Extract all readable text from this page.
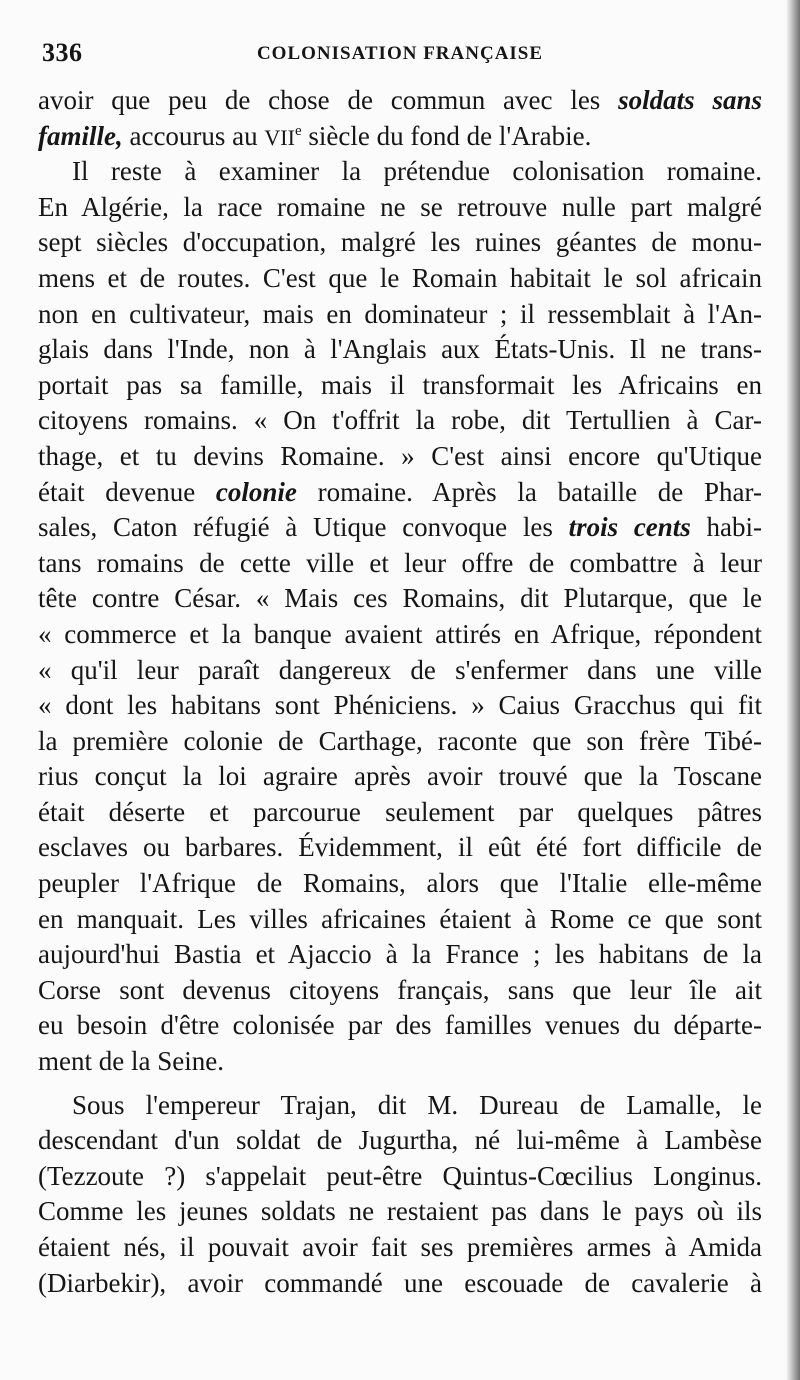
336	COLONISATION FRANÇAISE
avoir que peu de chose de commun avec les soldats sans
famille, accourus au VIIe siècle du fond de l'Arabie.
Il reste à examiner la prétendue colonisation romaine.
En Algérie, la race romaine ne se retrouve nulle part malgré
sept siècles d'occupation, malgré les ruines géantes de monu-
mens et de routes. C'est que le Romain habitait le sol africain
non en cultivateur, mais en dominateur ; il ressemblait à l'An-
glais dans l'Inde, non à l'Anglais aux États-Unis. Il ne trans-
portait pas sa famille, mais il transformait les Africains en
citoyens romains. « On t'offrit la robe, dit Tertullien à Car-
thage, et tu devins Romaine. » C'est ainsi encore qu'Utique
était devenue colonie romaine. Après la bataille de Phar-
sales, Caton réfugié à Utique convoque les trois cents habi-
tans romains de cette ville et leur offre de combattre à leur
tête contre César. « Mais ces Romains, dit Plutarque, que le
« commerce et la banque avaient attirés en Afrique, répondent
« qu'il leur paraît dangereux de s'enfermer dans une ville
« dont les habitans sont Phéniciens. » Caius Gracchus qui fit
la première colonie de Carthage, raconte que son frère Tibé-
rius conçut la loi agraire après avoir trouvé que la Toscane
était déserte et parcourue seulement par quelques pâtres
esclaves ou barbares. Évidemment, il eût été fort difficile de
peupler l'Afrique de Romains, alors que l'Italie elle-même
en manquait. Les villes africaines étaient à Rome ce que sont
aujourd'hui Bastia et Ajaccio à la France ; les habitans de la
Corse sont devenus citoyens français, sans que leur île ait
eu besoin d'être colonisée par des familles venues du départe-
ment de la Seine.
Sous l'empereur Trajan, dit M. Dureau de Lamalle, le
descendant d'un soldat de Jugurtha, né lui-même à Lambèse
(Tezzoute ?) s'appelait peut-être Quintus-Cœcilius Longinus.
Comme les jeunes soldats ne restaient pas dans le pays où ils
étaient nés, il pouvait avoir fait ses premières armes à Amida
(Diarbekir), avoir commandé une escouade de cavalerie à
